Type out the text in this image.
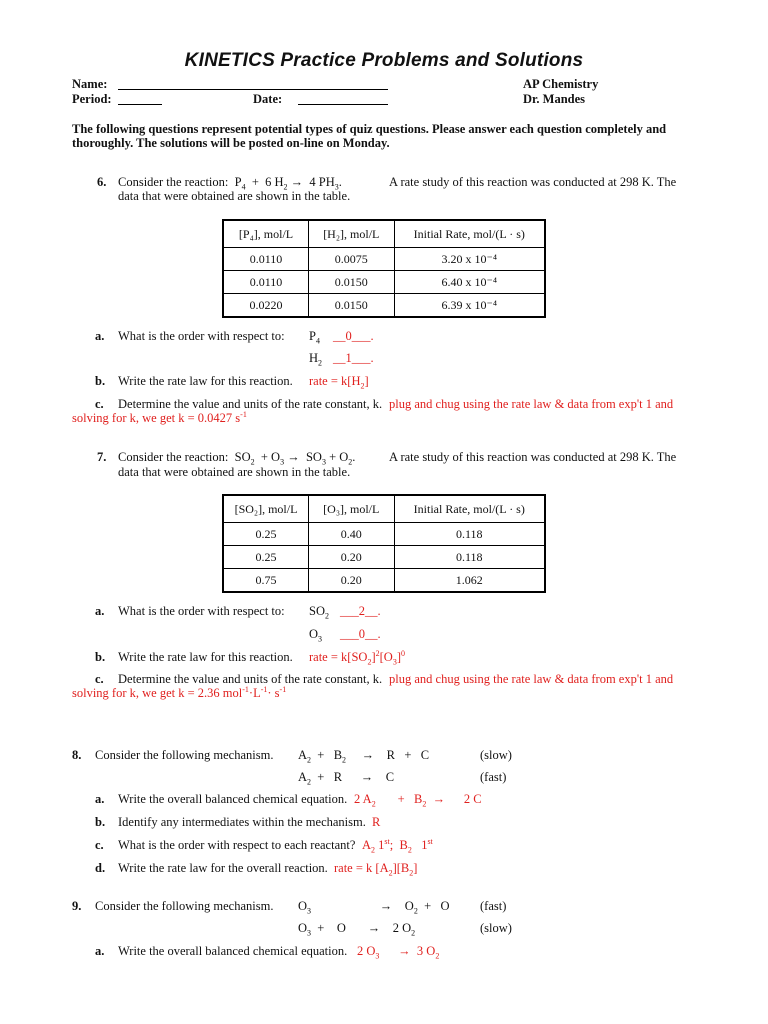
KINETICS Practice Problems and Solutions
Name:
Period:	Date:
AP Chemistry
Dr. Mandes
The following questions represent potential types of quiz questions. Please answer each question completely and thoroughly. The solutions will be posted on-line on Monday.
6. Consider the reaction:  $P_4 + 6$ $H_2 \to 4$ $PH_3$.	A rate study of this reaction was conducted at 298 K. The
data that were obtained are shown in the table.
[P₄], mol/L	[H₂], mol/L	Initial Rate, mol/(L · s)
0.0110	0.0075	3.20 x 10⁻⁴
0.0110	0.0150	6.40 x 10⁻⁴
0.0220	0.0150	6.39 x 10⁻⁴
a. What is the order with respect to: $P_4$ __0___.
$H_2$ __1___.
b. Write the rate law for this reaction. rate = $k[H_2]$
c. Determine the value and units of the rate constant, k. plug and chug using the rate law & data from exp't 1 and
solving for k, we get k = 0.0427 $s^{-1}$
7. Consider the reaction:  $SO_2 + O_3 \to SO_3 + O_2$.	A rate study of this reaction was conducted at 298 K. The
data that were obtained are shown in the table.
[SO₂], mol/L	[O₃], mol/L	Initial Rate, mol/(L · s)
0.25	0.40	0.118
0.25	0.20	0.118
0.75	0.20	1.062
a. What is the order with respect to: $SO_2$ ___2__.
$O_3$ ___0__.
b. Write the rate law for this reaction. rate = $k[SO_2]^2[O_3]^0$
c. Determine the value and units of the rate constant, k. plug and chug using the rate law & data from exp't 1 and
solving for k, we get k = 2.36 $mol^{-1}\cdot L^{-1}\cdot s^{-1}$
8. Consider the following mechanism. $A_2 + B_2$     →    R   +   C	(slow)
$A_2 + R$      →    C	(fast)
a. Write the overall balanced chemical equation. 2 $A_2$       +   $B_2$  →      2 C
b. Identify any intermediates within the mechanism. R
c. What is the order with respect to each reactant? $A_2$ 1st;  $B_2$   1st
d. Write the rate law for the overall reaction. rate = k $[A_2][B_2]$
9. Consider the following mechanism. $O_3$                      →    $O_2 + O$ (fast)
$O_3$  +    O       →    2 $O_2$	(slow)
a. Write the overall balanced chemical equation. 2 $O_3$      →  3 $O_2$
